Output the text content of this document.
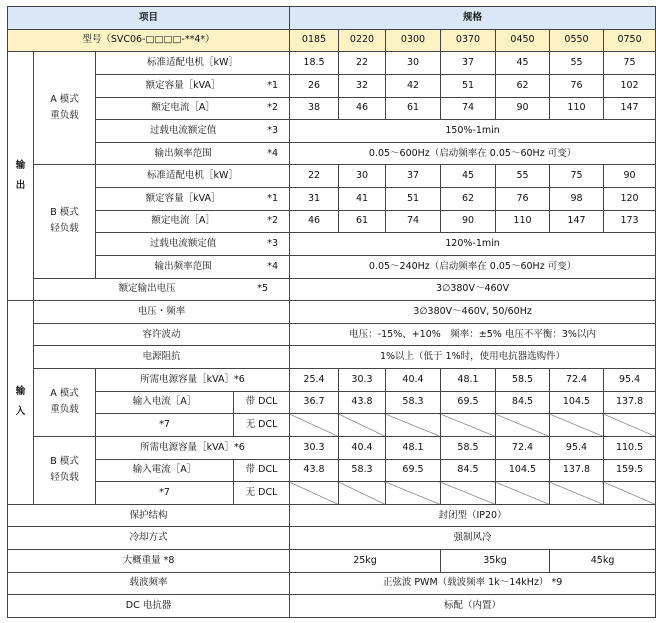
项目				规格						
型号（SVC06-□□□□-**4*）				0185	0220	0300	0370	0450	0550	0750

输

出	A 模式
重负载	标准适配电机［kW］		18.5	22	30	37	45	55	75
		额定容量［kVA］ *1		26	32	42	51	62	76	102
		额定电流［A］ *2		38	46	61	74	90	110	147
		过载电流额定值 *3		150%-1min						
		输出频率范围 *4		0.05～600Hz（启动频率在 0.05～60Hz 可变）						

	B 模式
轻负载	标准适配电机［kW］		22	30	37	45	55	75	90
		额定容量［kVA］ *1		31	41	51	62	76	98	120
		额定电流［A］ *2		46	61	74	90	110	147	173
		过载电流额定值 *3		120%-1min						
		输出频率范围 *4		0.05～240Hz（启动频率在 0.05～60Hz 可变）						
	额定输出电压 *5			3∅380V～460V						

输

入	电压・频率			3∅380V～460V, 50/60Hz						
	容许波动			电压：-15%、+10%　频率：±5% 电压不平衡：3%以内						
	电源阻抗			1%以上（低于 1%时，使用电抗器选购件）						

	A 模式
重负载	所需电源容量［kVA］*6		25.4	30.3	40.4	48.1	58.5	72.4	95.4
		输入电流［A］	带 DCL	36.7	43.8	58.3	69.5	84.5	104.5	137.8
		*7	无 DCL							

	B 模式
轻负载	所需电源容量［kVA］*6		30.3	40.4	48.1	58.5	72.4	95.4	110.5
		输入電流［A］	带 DCL	43.8	58.3	69.5	84.5	104.5	137.8	159.5
		*7	无 DCL							
保护结构				封闭型（IP20）						
冷却方式				强制风冷						
大概重量 *8				25kg			35kg		45kg	
载波频率				正弦波 PWM（载波频率 1k～14kHz） *9						
DC 电抗器				标配（内置）						
